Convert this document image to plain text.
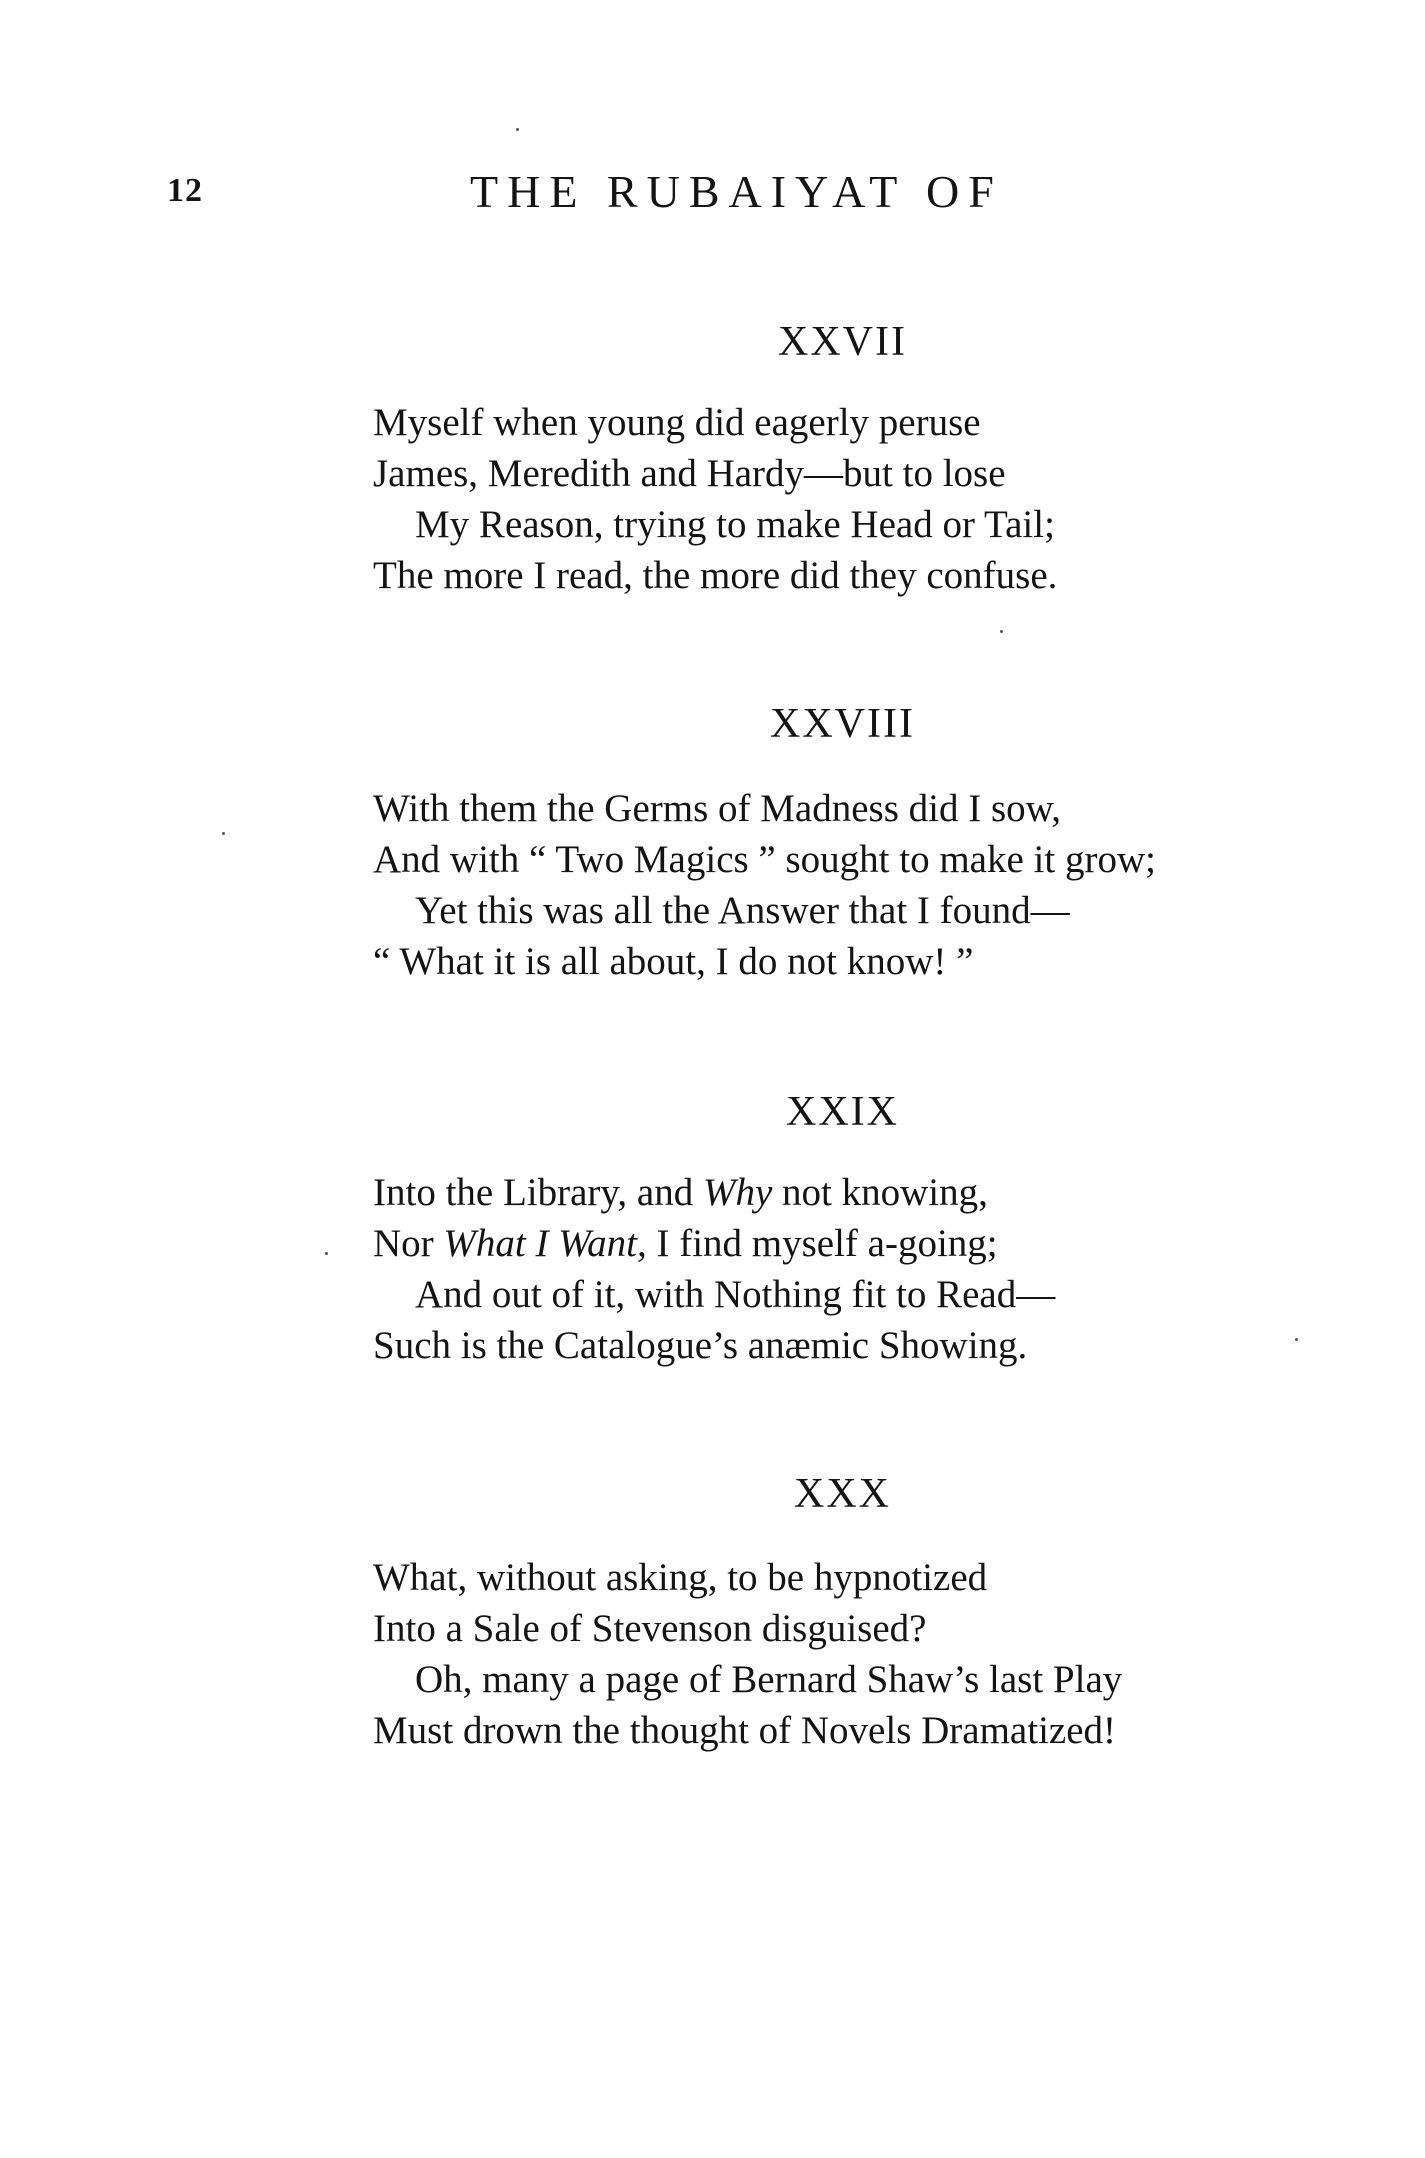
12	THE RUBAIYAT OF
XXVII
Myself when young did eagerly peruse
James, Meredith and Hardy—but to lose
My Reason, trying to make Head or Tail;
The more I read, the more did they confuse.
XXVIII
With them the Germs of Madness did I sow,
And with “ Two Magics ” sought to make it grow;
Yet this was all the Answer that I found—
“ What it is all about, I do not know! ”
XXIX
Into the Library, and Why not knowing,
Nor What I Want, I find myself a-going;
And out of it, with Nothing fit to Read—
Such is the Catalogue’s anæmic Showing.
XXX
What, without asking, to be hypnotized
Into a Sale of Stevenson disguised?
Oh, many a page of Bernard Shaw’s last Play
Must drown the thought of Novels Dramatized!
